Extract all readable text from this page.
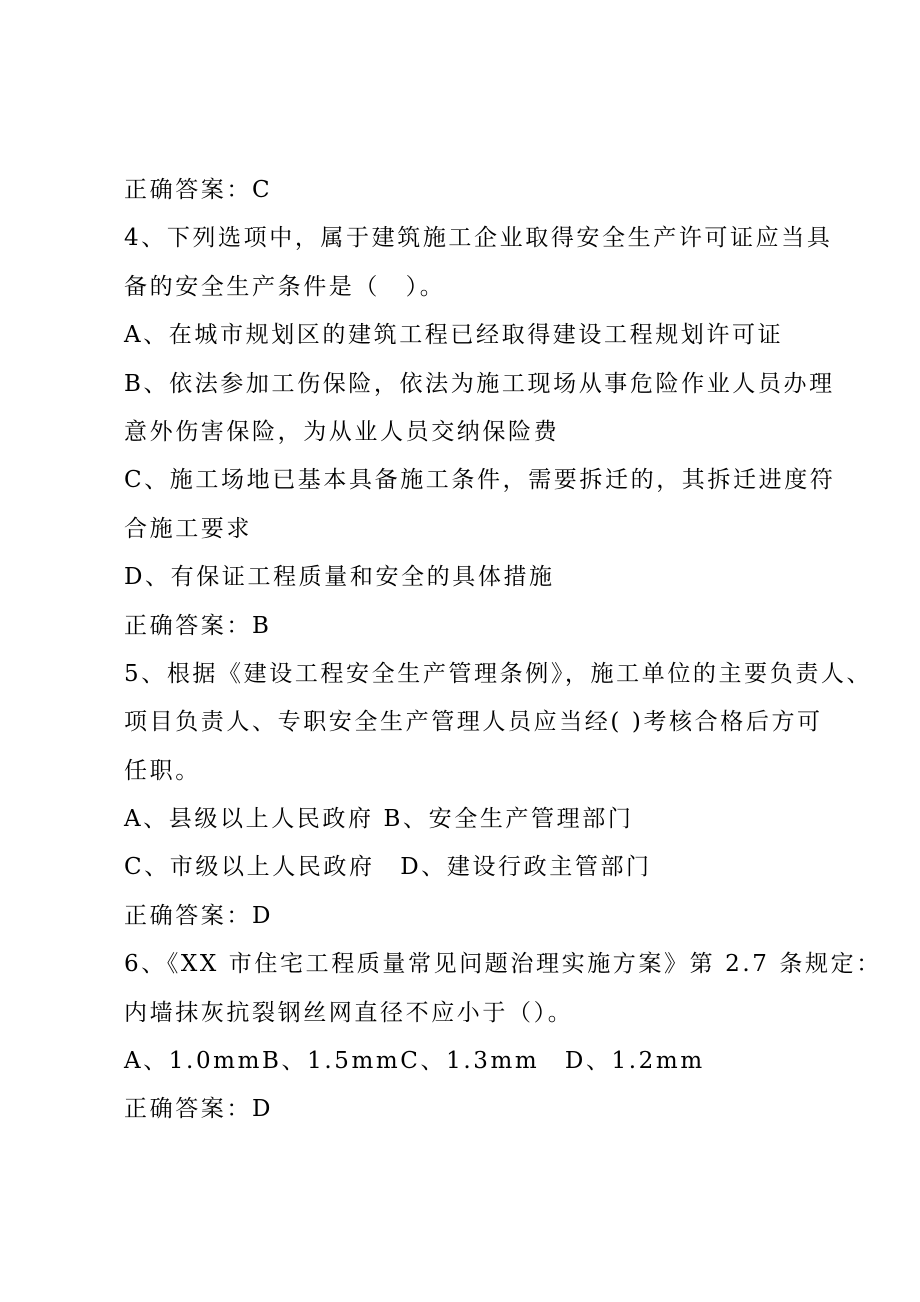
正确答案：C
4、下列选项中，属于建筑施工企业取得安全生产许可证应当具
备的安全生产条件是（　）。
A、在城市规划区的建筑工程已经取得建设工程规划许可证
B、依法参加工伤保险，依法为施工现场从事危险作业人员办理
意外伤害保险，为从业人员交纳保险费
C、施工场地已基本具备施工条件，需要拆迁的，其拆迁进度符
合施工要求
D、有保证工程质量和安全的具体措施
正确答案：B
5、根据《建设工程安全生产管理条例》，施工单位的主要负责人、
项目负责人、专职安全生产管理人员应当经( )考核合格后方可
任职。
A、县级以上人民政府 B、安全生产管理部门
C、市级以上人民政府　D、建设行政主管部门
正确答案：D
6、《XX 市住宅工程质量常见问题治理实施方案》第 2.7 条规定：
内墙抹灰抗裂钢丝网直径不应小于（）。
A、1.0mmB、1.5mmC、1.3mm　D、1.2mm
正确答案：D
